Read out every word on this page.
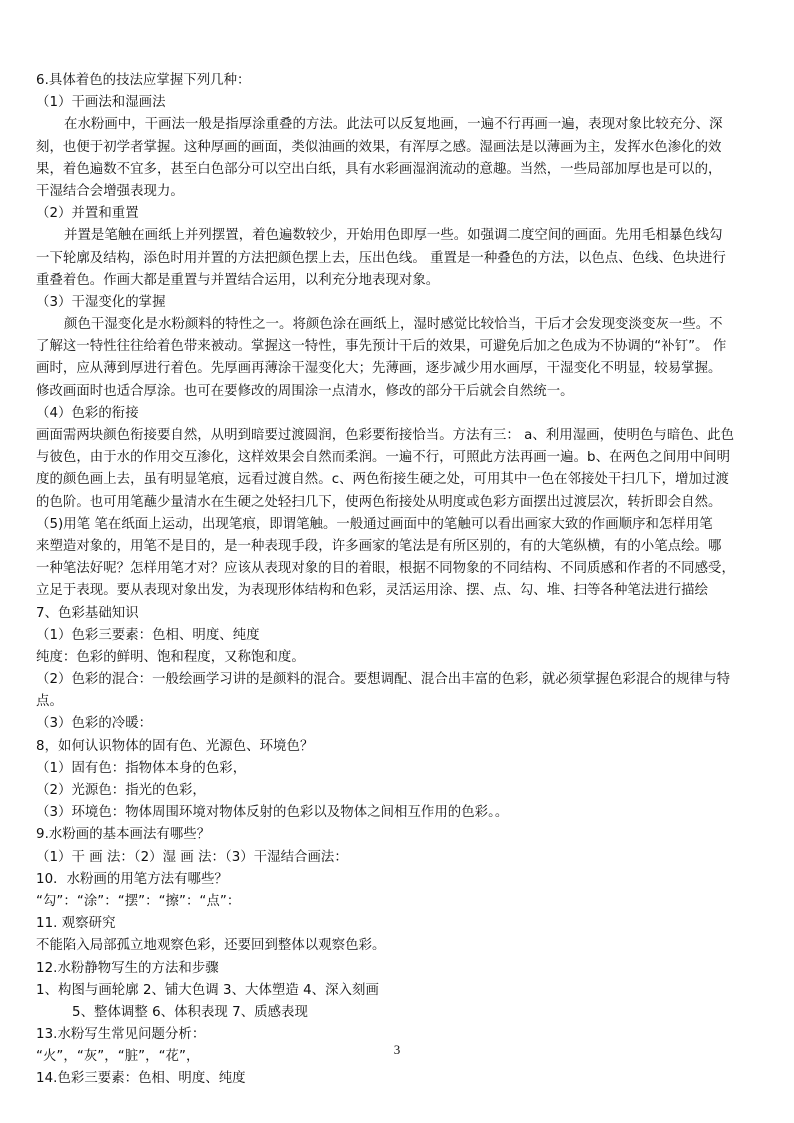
6.具体着色的技法应掌握下列几种：
（1）干画法和湿画法
在水粉画中，干画法一般是指厚涂重叠的方法。此法可以反复地画，一遍不行再画一遍，表现对象比较充分、深
刻，也便于初学者掌握。这种厚画的画面，类似油画的效果，有浑厚之感。湿画法是以薄画为主，发挥水色渗化的效
果，着色遍数不宜多，甚至白色部分可以空出白纸，具有水彩画湿润流动的意趣。当然，一些局部加厚也是可以的，
干湿结合会增强表现力。
（2）并置和重置
并置是笔触在画纸上并列摆置，着色遍数较少，开始用色即厚一些。如强调二度空间的画面。先用毛相暴色线勾
一下轮廓及结构，添色时用并置的方法把颜色摆上去，压出色线。 重置是一种叠色的方法，以色点、色线、色块进行
重叠着色。作画大都是重置与并置结合运用，以利充分地表现对象。
（3）干湿变化的掌握
颜色干湿变化是水粉颜料的特性之一。将颜色涂在画纸上，湿时感觉比较恰当，干后才会发现变淡变灰一些。不
了解这一特性往往给着色带来被动。掌握这一特性，事先预计干后的效果，可避免后加之色成为不协调的“补钉”。 作
画时，应从薄到厚进行着色。先厚画再薄涂干湿变化大；先薄画，逐步减少用水画厚，干湿变化不明显，较易掌握。
修改画面时也适合厚涂。也可在要修改的周围涂一点清水，修改的部分干后就会自然统一。
（4）色彩的衔接
画面需两块颜色衔接要自然，从明到暗要过渡圆润，色彩要衔接恰当。方法有三： a、利用湿画，使明色与暗色、此色
与彼色，由于水的作用交互渗化，这样效果会自然而柔润。一遍不行，可照此方法再画一遍。b、在两色之间用中间明
度的颜色画上去，虽有明显笔痕，远看过渡自然。c、两色衔接生硬之处，可用其中一色在邻接处干扫几下，增加过渡
的色阶。也可用笔蘸少量清水在生硬之处轻扫几下，使两色衔接处从明度或色彩方面摆出过渡层次，转折即会自然。
（5)用笔 笔在纸面上运动，出现笔痕，即谓笔触。一般通过画面中的笔触可以看出画家大致的作画顺序和怎样用笔
来塑造对象的，用笔不是目的，是一种表现手段，许多画家的笔法是有所区别的，有的大笔纵横，有的小笔点绘。哪
一种笔法好呢？怎样用笔才对？应该从表现对象的目的着眼，根据不同物象的不同结构、不同质感和作者的不同感受，
立足于表现。要从表现对象出发，为表现形体结构和色彩，灵活运用涂、摆、点、勾、堆、扫等各种笔法进行描绘
7、色彩基础知识
（1）色彩三要素：色相、明度、纯度
纯度：色彩的鲜明、饱和程度，又称饱和度。
（2）色彩的混合：一般绘画学习讲的是颜料的混合。要想调配、混合出丰富的色彩，就必须掌握色彩混合的规律与特
点。
（3）色彩的冷暖：
8，如何认识物体的固有色、光源色、环境色？
（1）固有色：指物体本身的色彩，
（2）光源色：指光的色彩，
（3）环境色：物体周围环境对物体反射的色彩以及物体之间相互作用的色彩。。
9.水粉画的基本画法有哪些？
（1）干 画 法：（2）湿 画 法：（3）干湿结合画法：
10．水粉画的用笔方法有哪些？
“勾”：“涂”：“摆”：“擦”：“点”：
11. 观察研究
不能陷入局部孤立地观察色彩，还要回到整体以观察色彩。
12.水粉静物写生的方法和步骤
1、构图与画轮廓 2、铺大色调 3、大体塑造 4、深入刻画
5、整体调整 6、体积表现 7、质感表现
13.水粉写生常见问题分析：
“火”，“灰”，“脏”，“花”，
14.色彩三要素：色相、明度、纯度
3
